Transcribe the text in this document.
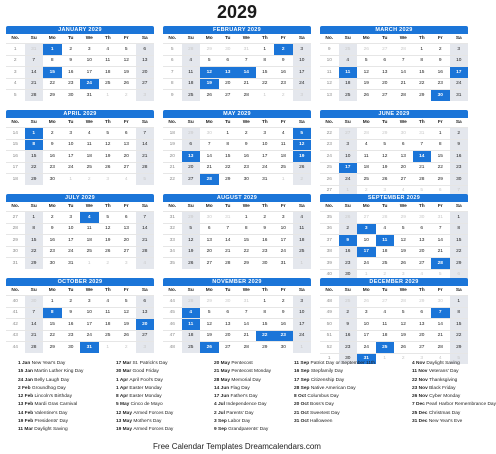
2029
JANUARY 2029
No.	Su	Mo	Tu	We	Th	Fr	Sa
1	31	1	2	3	4	5	6
2	7	8	9	10	11	12	13
3	14	15	16	17	18	19	20
4	21	22	23	24	25	26	27
5	28	29	30	31	1	2	3
FEBRUARY 2029
No.	Su	Mo	Tu	We	Th	Fr	Sa
5	28	29	30	31	1	2	3
6	4	5	6	7	8	9	10
7	11	12	13	14	15	16	17
8	18	19	20	21	22	23	24
9	25	26	27	28	1	2	3
MARCH 2029
No.	Su	Mo	Tu	We	Th	Fr	Sa
9	25	26	27	28	1	2	3
10	4	5	6	7	8	9	10
11	11	12	13	14	15	16	17
12	18	19	20	21	22	23	24
13	25	26	27	28	29	30	31
APRIL 2029
No.	Su	Mo	Tu	We	Th	Fr	Sa
14	1	2	3	4	5	6	7
15	8	9	10	11	12	13	14
16	15	16	17	18	19	20	21
17	22	23	24	25	26	27	28
18	29	30	1	2	3	4	5
MAY 2029
No.	Su	Mo	Tu	We	Th	Fr	Sa
18	29	30	1	2	3	4	5
19	6	7	8	9	10	11	12
20	13	14	15	16	17	18	19
21	20	21	22	23	24	25	26
22	27	28	29	30	31	1	2
JUNE 2029
No.	Su	Mo	Tu	We	Th	Fr	Sa
22	27	28	29	30	31	1	2
23	3	4	5	6	7	8	9
24	10	11	12	13	14	15	16
25	17	18	19	20	21	22	23
26	24	25	26	27	28	29	30
27	1	2	3	4	5	6	7
JULY 2029
No.	Su	Mo	Tu	We	Th	Fr	Sa
27	1	2	3	4	5	6	7
28	8	9	10	11	12	13	14
29	15	16	17	18	19	20	21
30	22	23	24	25	26	27	28
31	29	30	31	1	2	3	4
AUGUST 2029
No.	Su	Mo	Tu	We	Th	Fr	Sa
31	29	30	31	1	2	3	4
32	5	6	7	8	9	10	11
33	12	13	14	15	16	17	18
34	19	20	21	22	23	24	25
35	26	27	28	29	30	31	1
SEPTEMBER 2029
No.	Su	Mo	Tu	We	Th	Fr	Sa
35	26	27	28	29	30	31	1
36	2	3	4	5	6	7	8
37	9	10	11	12	13	14	15
38	16	17	18	19	20	21	22
39	23	24	25	26	27	28	29
40	30	1	2	3	4	5	6
OCTOBER 2029
No.	Su	Mo	Tu	We	Th	Fr	Sa
40	30	1	2	3	4	5	6
41	7	8	9	10	11	12	13
42	14	15	16	17	18	19	20
43	21	22	23	24	25	26	27
44	28	29	30	31	1	2	3
NOVEMBER 2029
No.	Su	Mo	Tu	We	Th	Fr	Sa
44	28	29	30	31	1	2	3
45	4	5	6	7	8	9	10
46	11	12	13	14	15	16	17
47	18	19	20	21	22	23	24
48	25	26	27	28	29	30	1
DECEMBER 2029
No.	Su	Mo	Tu	We	Th	Fr	Sa
48	25	26	27	28	29	30	1
49	2	3	4	5	6	7	8
50	9	10	11	12	13	14	15
51	16	17	18	19	20	21	22
52	23	24	25	26	27	28	29
1	30	31	1	2	3	4	5
1 Jan New Year's Day
15 Jan Martin Luther King Day
24 Jan Belly Laugh Day
2 Feb Groundhog Day
12 Feb Lincoln's Birthday
13 Feb Mardi Gras Carnival
14 Feb Valentine's Day
19 Feb Presidents' Day
11 Mar Daylight Saving
17 Mar St. Patrick's Day
30 Mar Good Friday
1 Apr April Fool's Day
1 Apr Easter Monday
8 Apr Easter Monday
5 May Cinco de Mayo
12 May Armed Forces Day
13 May Mother's Day
19 May Armed Forces Day
20 May Pentecost
21 May Pentecost Monday
28 May Memorial Day
14 Jun Flag Day
17 Jun Father's Day
4 Jul Independence Day
2 Jul Parents' Day
3 Sep Labor Day
9 Sep Grandparents' Day
11 Sep Patriot Day or September 11th
16 Sep Stepfamily Day
17 Sep Citizenship Day
28 Sep Native American Day
8 Oct Columbus Day
20 Oct Boss's Day
21 Oct Sweetest Day
31 Oct Halloween
4 Nov Daylight Saving
11 Nov Veterans' Day
22 Nov Thanksgiving
23 Nov Black Friday
26 Nov Cyber Monday
7 Dec Pearl Harbor Remembrance Day
25 Dec Christmas Day
31 Dec New Year's Eve
Free Calendar Templates Dreamcalendars.com
